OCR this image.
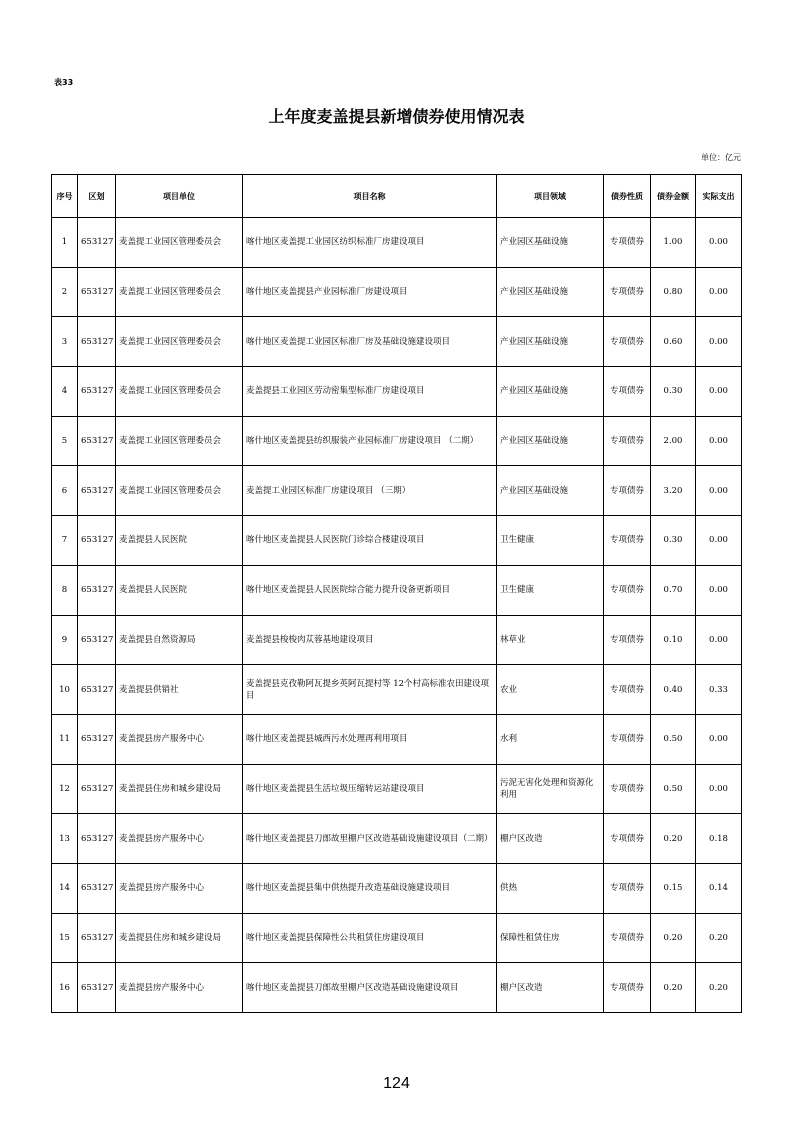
表33
上年度麦盖提县新增债券使用情况表
单位：亿元
序号	区划	项目单位	项目名称	项目领域	债券性质	债券金额	实际支出
1	653127	麦盖提工业园区管理委员会	喀什地区麦盖提工业园区纺织标准厂房建设项目	产业园区基础设施	专项债券	1.00	0.00
2	653127	麦盖提工业园区管理委员会	喀什地区麦盖提县产业园标准厂房建设项目	产业园区基础设施	专项债券	0.80	0.00
3	653127	麦盖提工业园区管理委员会	喀什地区麦盖提工业园区标准厂房及基础设施建设项目	产业园区基础设施	专项债券	0.60	0.00
4	653127	麦盖提工业园区管理委员会	麦盖提县工业园区劳动密集型标准厂房建设项目	产业园区基础设施	专项债券	0.30	0.00
5	653127	麦盖提工业园区管理委员会	喀什地区麦盖提县纺织服装产业园标准厂房建设项目 （二期）	产业园区基础设施	专项债券	2.00	0.00
6	653127	麦盖提工业园区管理委员会	麦盖提工业园区标准厂房建设项目 （三期）	产业园区基础设施	专项债券	3.20	0.00
7	653127	麦盖提县人民医院	喀什地区麦盖提县人民医院门诊综合楼建设项目	卫生健康	专项债券	0.30	0.00
8	653127	麦盖提县人民医院	喀什地区麦盖提县人民医院综合能力提升设备更新项目	卫生健康	专项债券	0.70	0.00
9	653127	麦盖提县自然资源局	麦盖提县梭梭肉苁蓉基地建设项目	林草业	专项债券	0.10	0.00
10	653127	麦盖提县供销社	麦盖提县克孜勒阿瓦提乡英阿瓦提村等 12个村高标准农田建设项目	农业	专项债券	0.40	0.33
11	653127	麦盖提县房产服务中心	喀什地区麦盖提县城西污水处理再利用项目	水利	专项债券	0.50	0.00
12	653127	麦盖提县住房和城乡建设局	喀什地区麦盖提县生活垃圾压缩转运站建设项目	污泥无害化处理和资源化利用	专项债券	0.50	0.00
13	653127	麦盖提县房产服务中心	喀什地区麦盖提县刀郎故里棚户区改造基础设施建设项目（二期）	棚户区改造	专项债券	0.20	0.18
14	653127	麦盖提县房产服务中心	喀什地区麦盖提县集中供热提升改造基础设施建设项目	供热	专项债券	0.15	0.14
15	653127	麦盖提县住房和城乡建设局	喀什地区麦盖提县保障性公共租赁住房建设项目	保障性租赁住房	专项债券	0.20	0.20
16	653127	麦盖提县房产服务中心	喀什地区麦盖提县刀郎故里棚户区改造基础设施建设项目	棚户区改造	专项债券	0.20	0.20
124
